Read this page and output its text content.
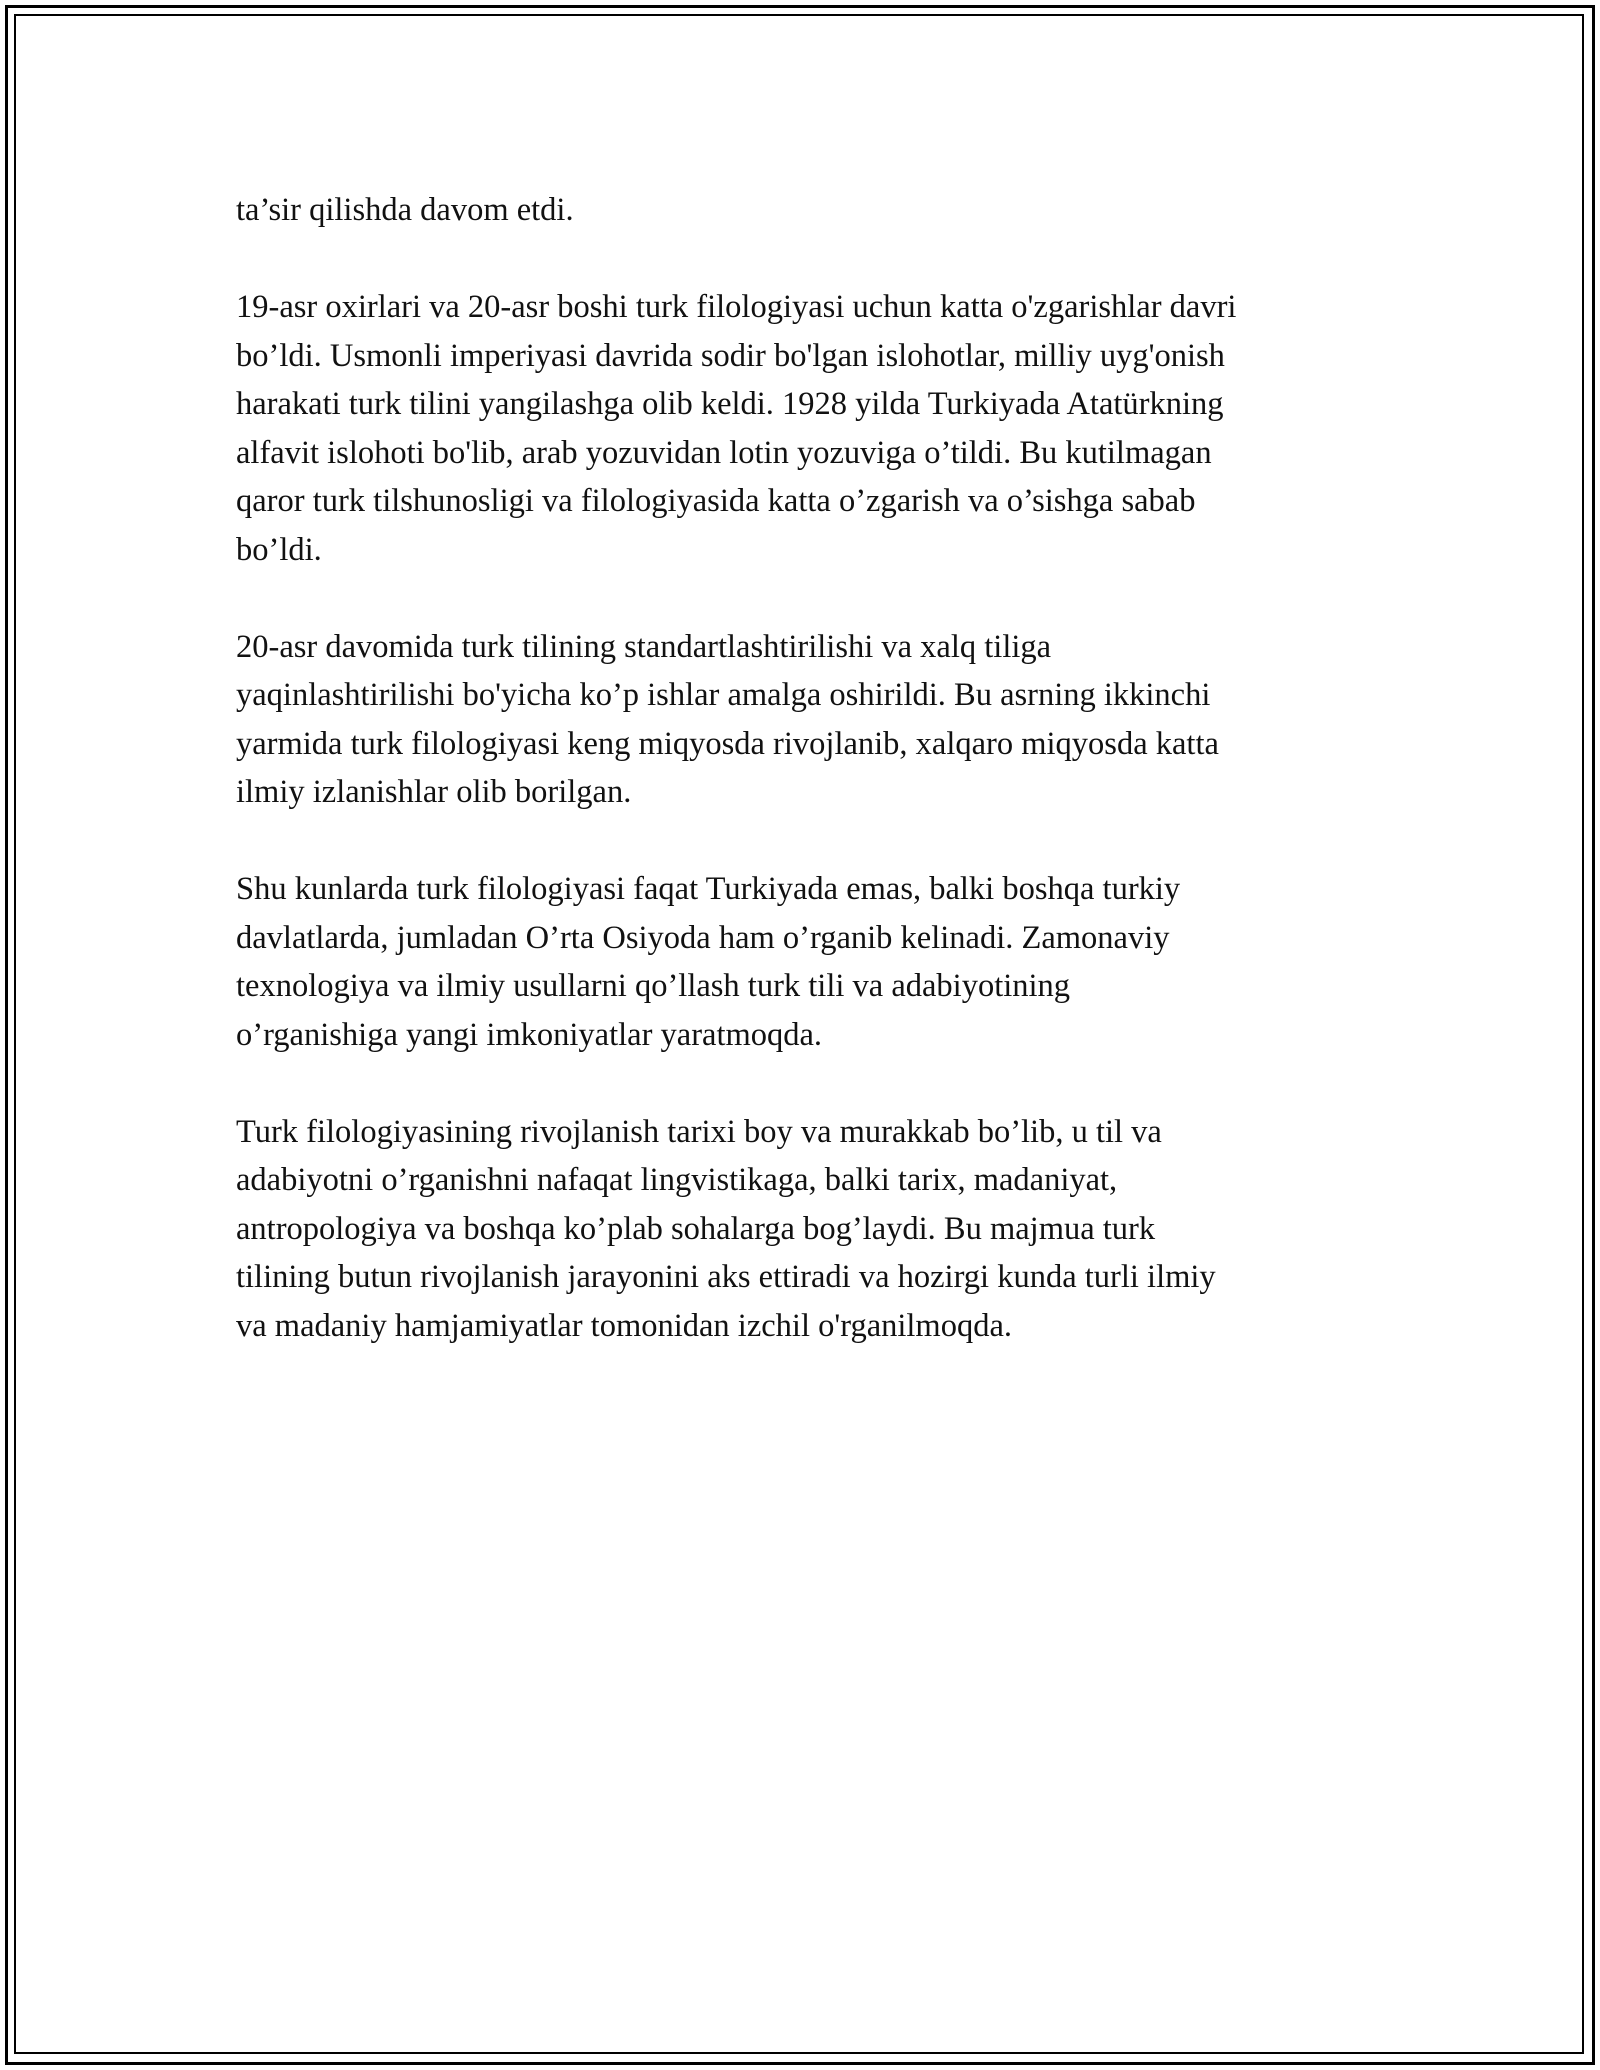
ta’sir qilishda davom etdi.

19-asr oxirlari va 20-asr boshi turk filologiyasi uchun katta o'zgarishlar davri
bo’ldi. Usmonli imperiyasi davrida sodir bo'lgan islohotlar, milliy uyg'onish
harakati turk tilini yangilashga olib keldi. 1928 yilda Turkiyada Atatürkning
alfavit islohoti bo'lib, arab yozuvidan lotin yozuviga o’tildi. Bu kutilmagan
qaror turk tilshunosligi va filologiyasida katta o’zgarish va o’sishga sabab
bo’ldi.

20-asr davomida turk tilining standartlashtirilishi va xalq tiliga
yaqinlashtirilishi bo'yicha ko’p ishlar amalga oshirildi. Bu asrning ikkinchi
yarmida turk filologiyasi keng miqyosda rivojlanib, xalqaro miqyosda katta
ilmiy izlanishlar olib borilgan.

Shu kunlarda turk filologiyasi faqat Turkiyada emas, balki boshqa turkiy
davlatlarda, jumladan O’rta Osiyoda ham o’rganib kelinadi. Zamonaviy
texnologiya va ilmiy usullarni qo’llash turk tili va adabiyotining
o’rganishiga yangi imkoniyatlar yaratmoqda.

Turk filologiyasining rivojlanish tarixi boy va murakkab bo’lib, u til va
adabiyotni o’rganishni nafaqat lingvistikaga, balki tarix, madaniyat,
antropologiya va boshqa ko’plab sohalarga bog’laydi. Bu majmua turk
tilining butun rivojlanish jarayonini aks ettiradi va hozirgi kunda turli ilmiy
va madaniy hamjamiyatlar tomonidan izchil o'rganilmoqda.
